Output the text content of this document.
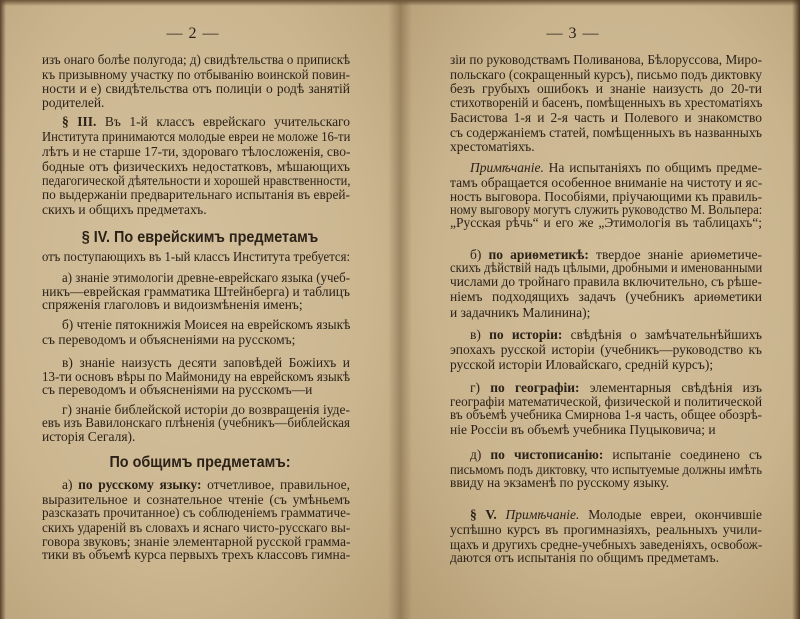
— 2 —
§ IV. По еврейскимъ предметамъ
По общимъ предметамъ:
изъ онаго болѣе полугода; д) свидѣтельства о припискѣ
къ призывному участку по отбыванію воинской повин-
ности и е) свидѣтельства отъ полиціи о родѣ занятій
родителей.
§ III. Въ 1-й классъ еврейскаго учительскаго
Института принимаются молодые евреи не моложе 16-ти
лѣтъ и не старше 17-ти, здороваго тѣлосложенія, сво-
бодные отъ физическихъ недостатковъ, мѣшающихъ
педагогической дѣятельности и хорошей нравственности,
по выдержаніи предварительнаго испытанія въ еврей-
скихъ и общихъ предметахъ.
отъ поступающихъ въ 1-ый классъ Института требуется:
а) знаніе этимологіи древне-еврейскаго языка (учеб-
никъ—еврейская грамматика Штейнберга) и таблицъ
спряженія глаголовъ и видоизмѣненія именъ;
б) чтеніе пятокнижія Моисея на еврейскомъ языкѣ
съ переводомъ и объясненіями на русскомъ;
в) знаніе наизусть десяти заповѣдей Божіихъ и
13-ти основъ вѣры по Маймониду на еврейскомъ языкѣ
съ переводомъ и объясненіями на русскомъ—и
г) знаніе библейской исторіи до возвращенія іуде-
евъ изъ Вавилонскаго плѣненія (учебникъ—библейская
исторія Сегаля).
а) по русскому языку: отчетливое, правильное,
выразительное и сознательное чтеніе (съ умѣньемъ
разсказать прочитанное) съ соблюденіемъ грамматиче-
скихъ удареній въ словахъ и яснаго чисто-русскаго вы-
говора звуковъ; знаніе элементарной русской грамма-
тики въ объемѣ курса первыхъ трехъ классовъ гимна-
— 3 —
зіи по руководствамъ Поливанова, Бѣлоруссова, Миро-
польскаго (сокращенный курсъ), письмо подъ диктовку
безъ грубыхъ ошибокъ и знаніе наизусть до 20-ти
стихотвореній и басенъ, помѣщенныхъ въ хрестоматіяхъ
Басистова 1-я и 2-я часть и Полевого и знакомство
съ содержаніемъ статей, помѣщенныхъ въ названныхъ
хрестоматіяхъ.
Примѣчаніе. На испытаніяхъ по общимъ предме-
тамъ обращается особенное вниманіе на чистоту и яс-
ность выговора. Пособіями, пріучающими къ правиль-
ному выговору могутъ служить руководство М. Вольпера:
„Русская рѣчь“ и его же „Этимологія въ таблицахъ“;
б) по ариѳметикѣ: твердое знаніе ариѳметиче-
скихъ дѣйствій надъ цѣлыми, дробными и именованными
числами до тройнаго правила включительно, съ рѣше-
ніемъ подходящихъ задачъ (учебникъ ариѳметики
и задачникъ Малинина);
в) по исторіи: свѣдѣнія о замѣчательнѣйшихъ
эпохахъ русской исторіи (учебникъ—руководство къ
русской исторіи Иловайскаго, средній курсъ);
г) по географіи: элементарныя свѣдѣнія изъ
географіи математической, физической и политической
въ объемѣ учебника Смирнова 1-я часть, общее обозрѣ-
ніе Россіи въ объемѣ учебника Пуцыковича; и
д) по чистописанію: испытаніе соединено съ
письмомъ подъ диктовку, что испытуемые должны имѣть
ввиду на экзаменѣ по русскому языку.
§ V. Примѣчаніе. Молодые евреи, окончившіе
успѣшно курсъ въ прогимназіяхъ, реальныхъ учили-
щахъ и другихъ средне-учебныхъ заведеніяхъ, освобож-
даются отъ испытанія по общимъ предметамъ.
